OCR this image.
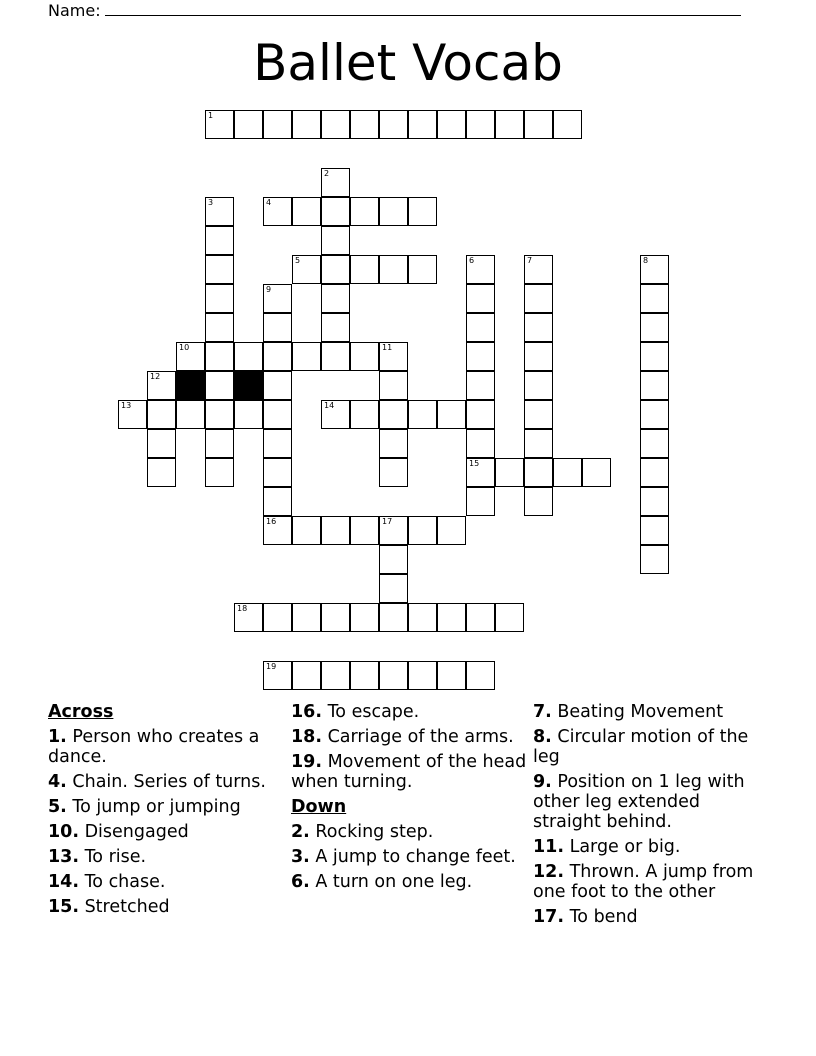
Name:
Ballet Vocab
1
2
3	4
5	6	7	8
9
10	11
12
13	14
15
16	17
18
19
Across
1. Person who creates a dance.
4. Chain. Series of turns.
5. To jump or jumping
10. Disengaged
13. To rise.
14. To chase.
15. Stretched
16. To escape.
18. Carriage of the arms.
19. Movement of the head when turning.
Down
2. Rocking step.
3. A jump to change feet.
6. A turn on one leg.
7. Beating Movement
8. Circular motion of the leg
9. Position on 1 leg with other leg extended straight behind.
11. Large or big.
12. Thrown. A jump from one foot to the other
17. To bend
